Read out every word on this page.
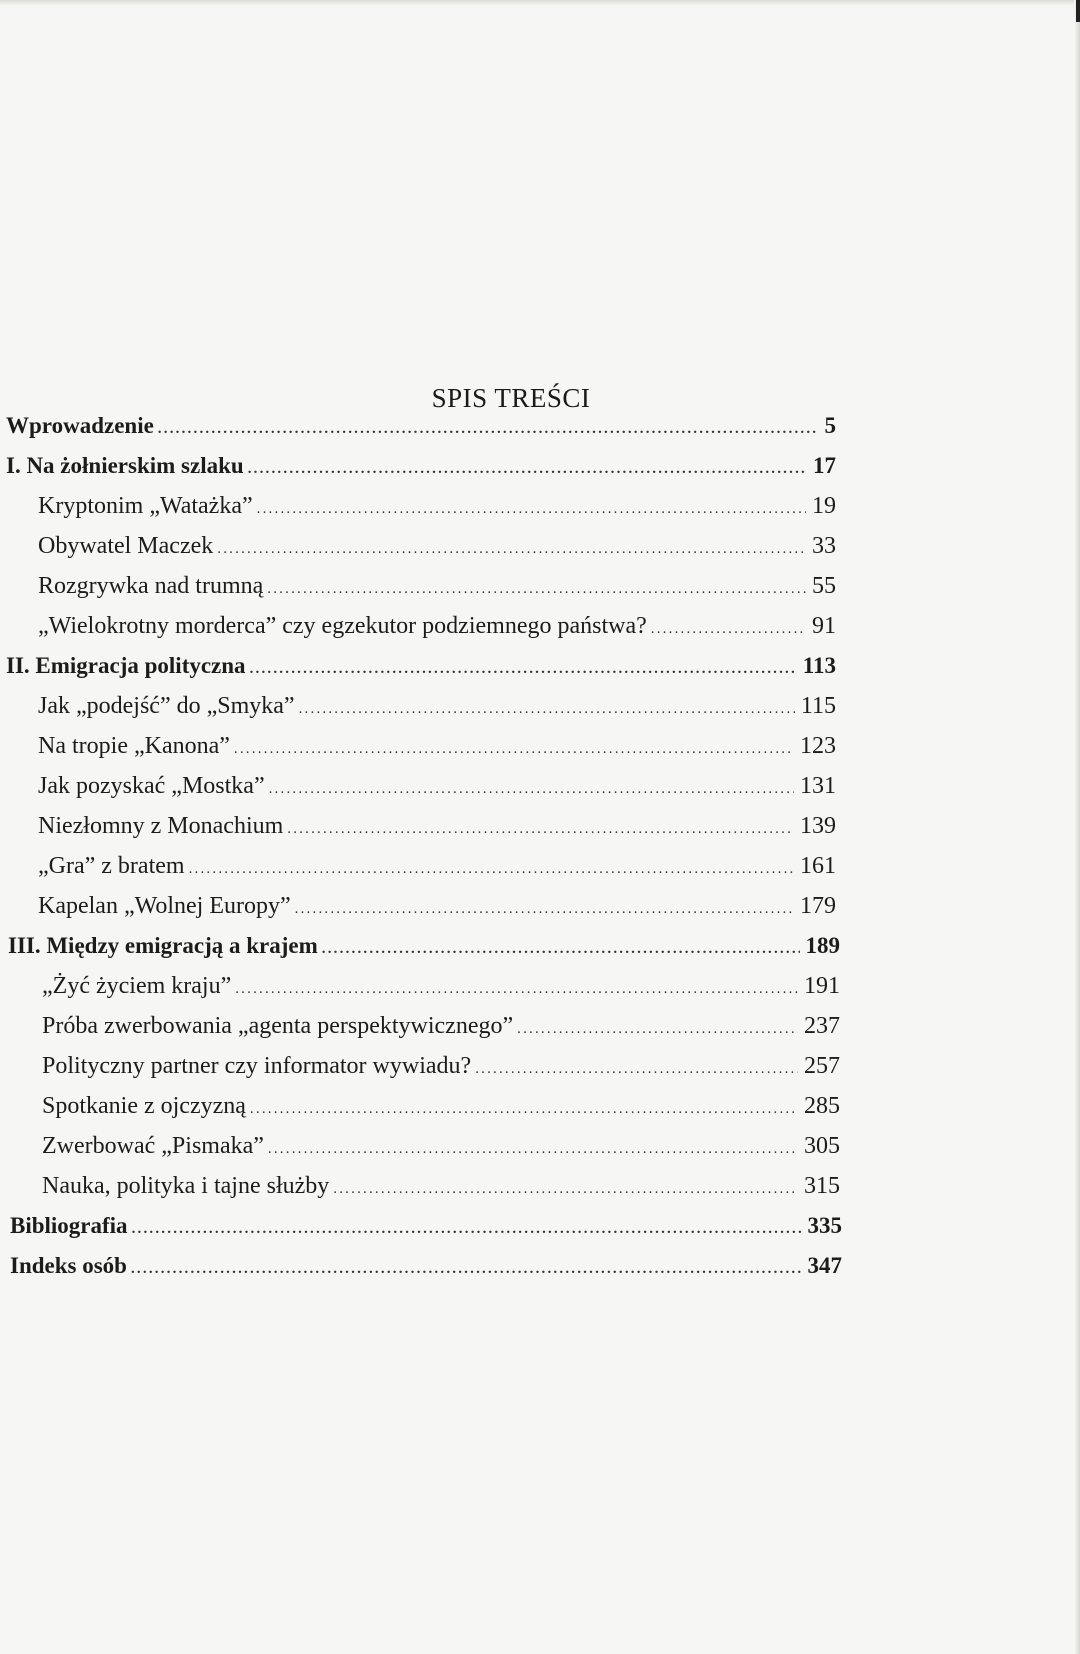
SPIS TREŚCI
Wprowadzenie .....	5
I. Na żołnierskim szlaku .....	17
Kryptonim „Watażka” .....	19
Obywatel Maczek .....	33
Rozgrywka nad trumną .....	55
„Wielokrotny morderca” czy egzekutor podziemnego państwa? .....	91
II. Emigracja polityczna .....	113
Jak „podejść” do „Smyka” .....	115
Na tropie „Kanona” .....	123
Jak pozyskać „Mostka” .....	131
Niezłomny z Monachium .....	139
„Gra” z bratem .....	161
Kapelan „Wolnej Europy” .....	179
III. Między emigracją a krajem .....	189
„Żyć życiem kraju” .....	191
Próba zwerbowania „agenta perspektywicznego” .....	237
Polityczny partner czy informator wywiadu? .....	257
Spotkanie z ojczyzną .....	285
Zwerbować „Pismaka” .....	305
Nauka, polityka i tajne służby .....	315
Bibliografia .....	335
Indeks osób .....	347
